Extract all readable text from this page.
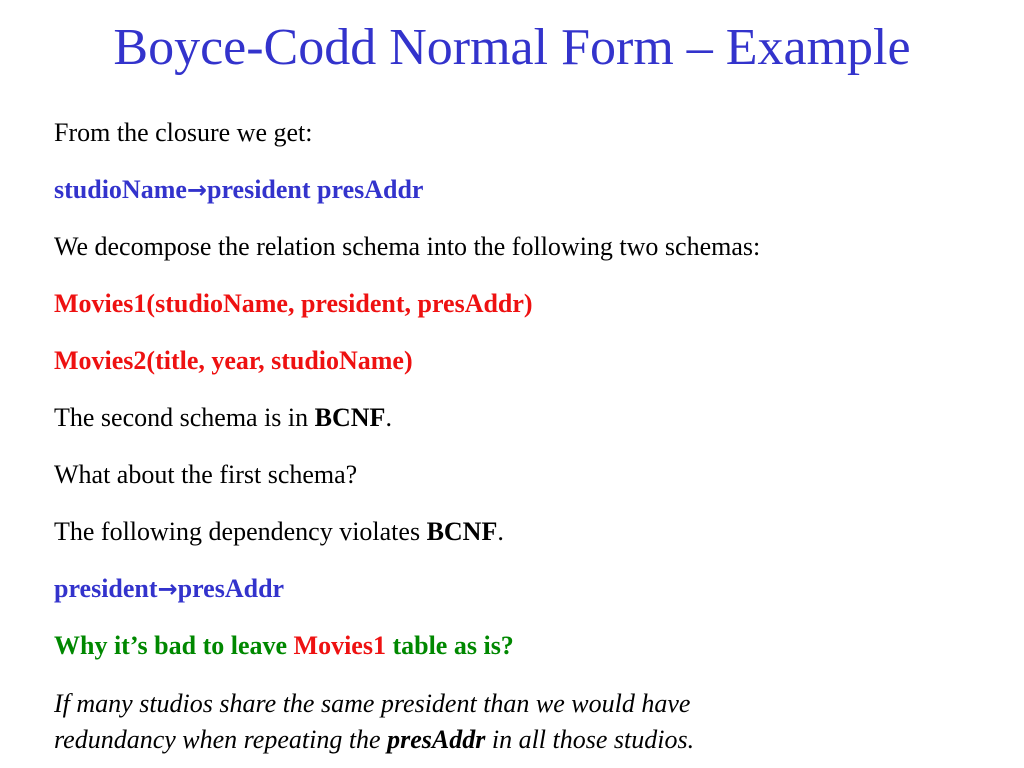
Boyce-Codd Normal Form – Example

From the closure we get:

studioName→president presAddr

We decompose the relation schema into the following two schemas:

Movies1(studioName, president, presAddr)

Movies2(title, year, studioName)

The second schema is in BCNF.

What about the first schema?

The following dependency violates BCNF.

president→presAddr

Why it’s bad to leave Movies1 table as is?

If many studios share the same president than we would have
redundancy when repeating the presAddr in all those studios.
